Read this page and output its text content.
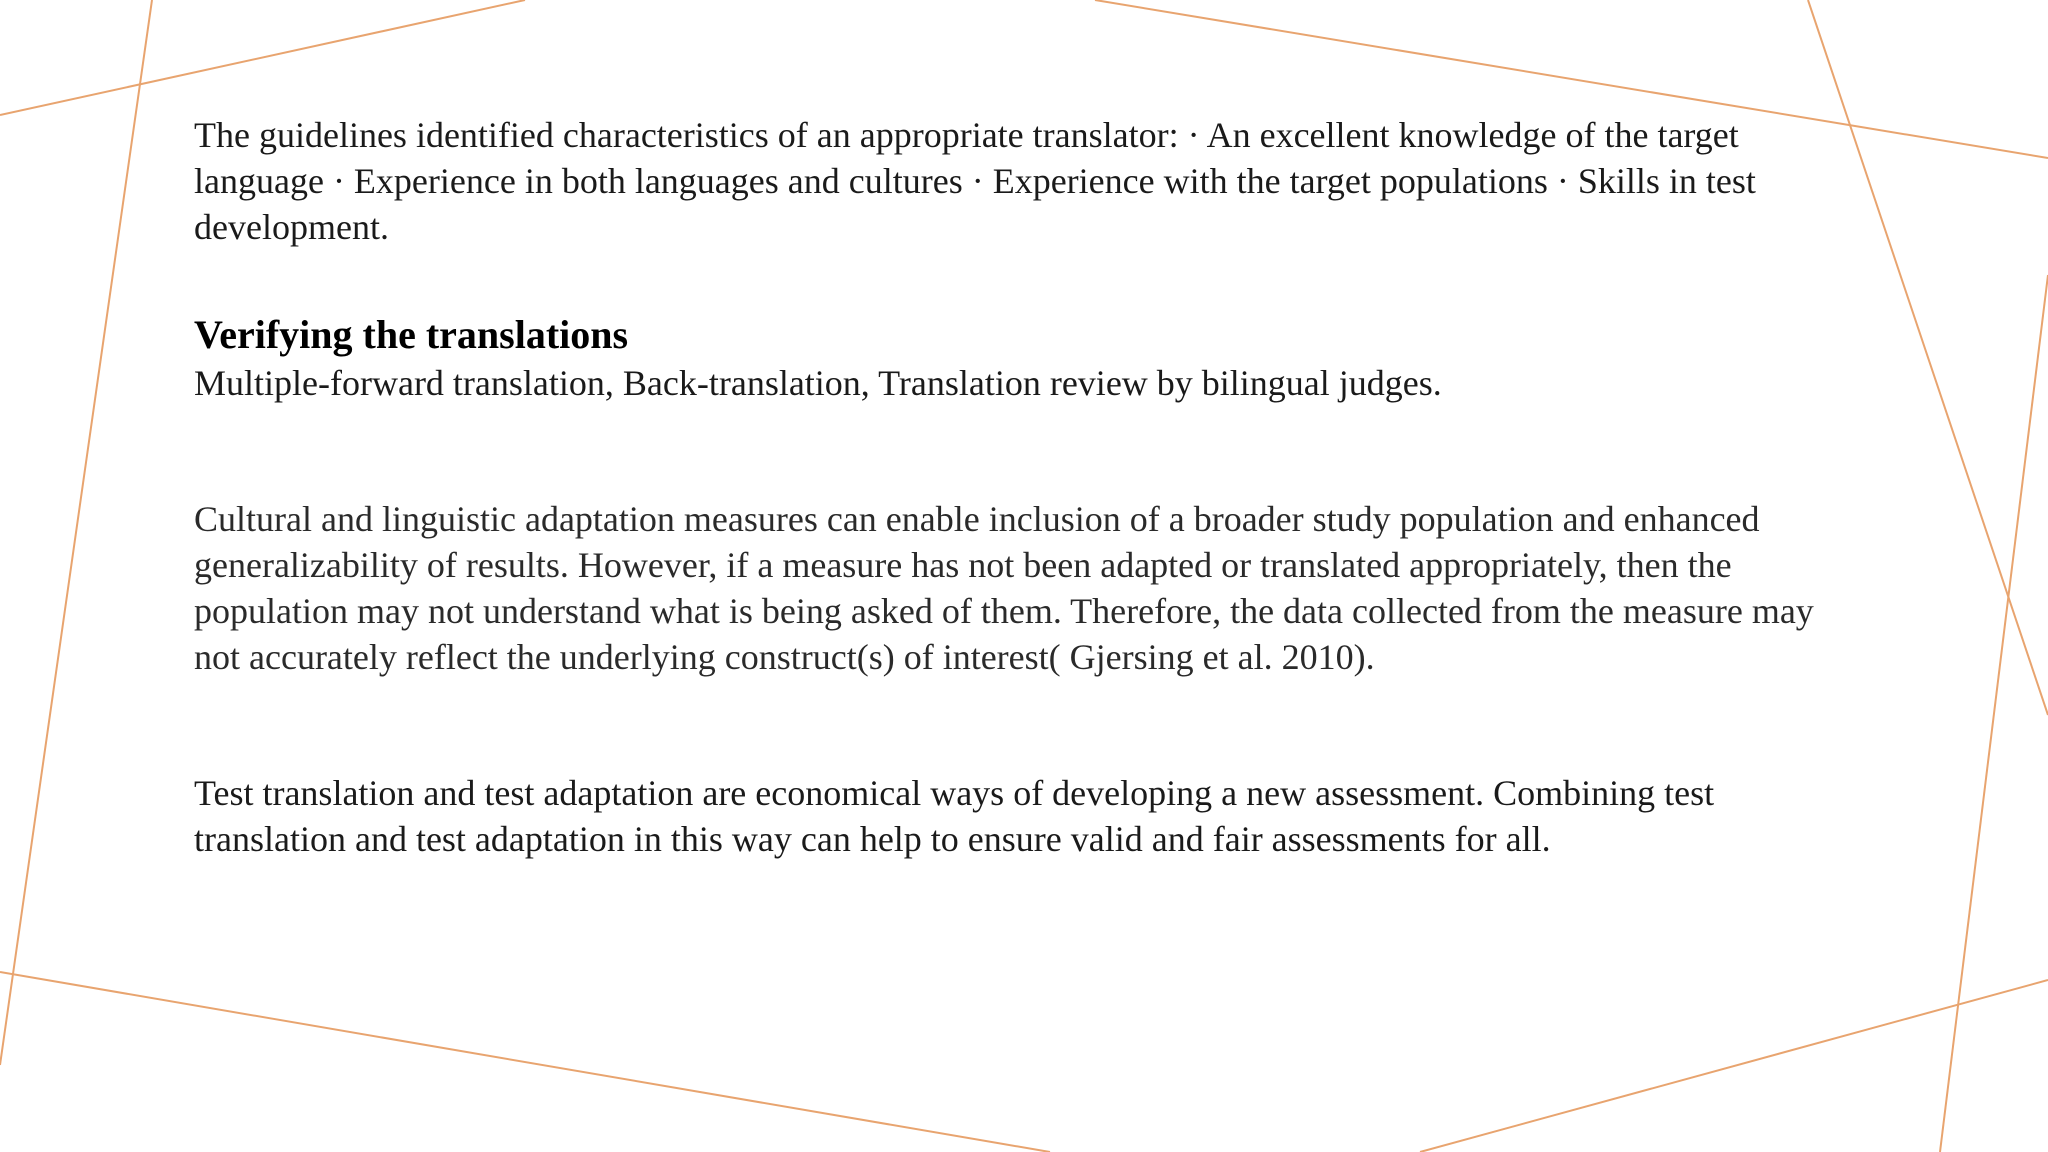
The guidelines identified characteristics of an appropriate translator: · An excellent knowledge of the target language · Experience in both languages and cultures · Experience with the target populations · Skills in test development.

Verifying the translations

Multiple-forward translation, Back-translation, Translation review by bilingual judges.

Cultural and linguistic adaptation measures can enable inclusion of a broader study population and enhanced generalizability of results. However, if a measure has not been adapted or translated appropriately, then the population may not understand what is being asked of them. Therefore, the data collected from the measure may not accurately reflect the underlying construct(s) of interest( Gjersing et al. 2010).

Test translation and test adaptation are economical ways of developing a new assessment. Combining test translation and test adaptation in this way can help to ensure valid and fair assessments for all.
